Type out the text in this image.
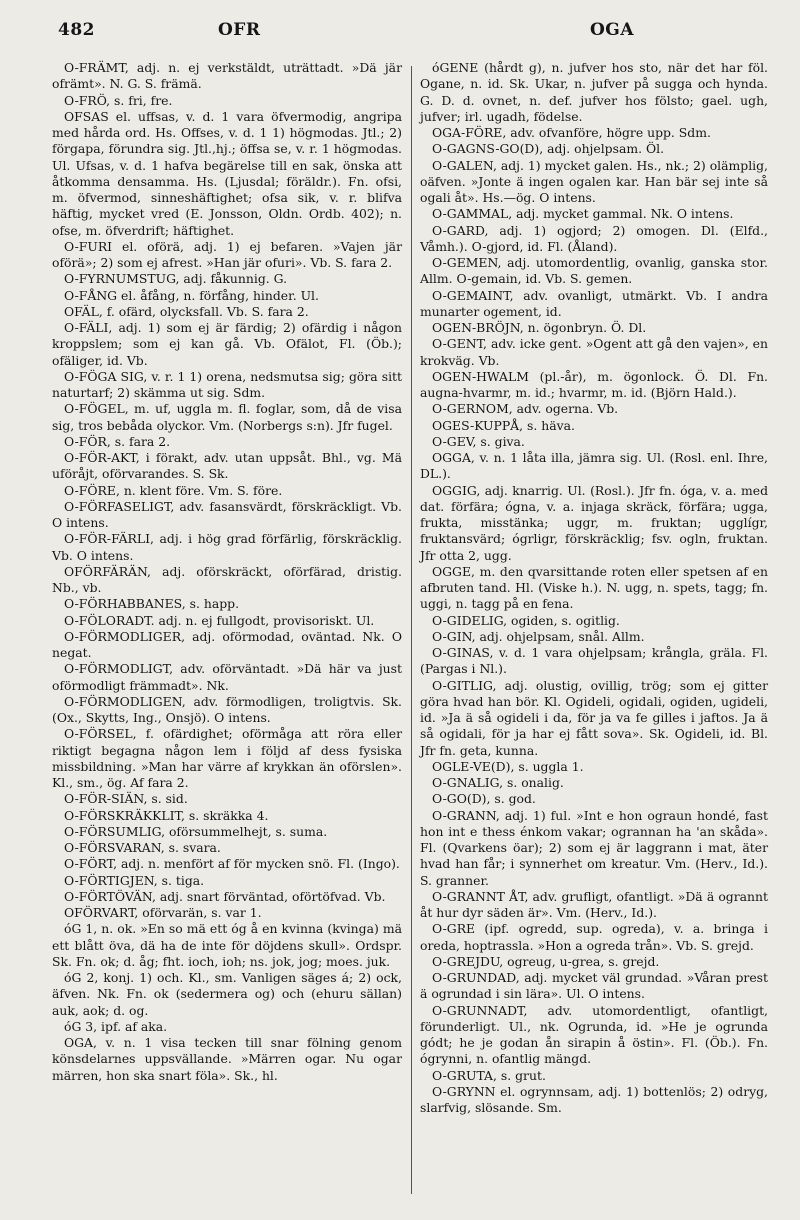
482	OFR	OGA

O-FRÄMT, adj. n. ej verkstäldt, uträttadt. »Dä jär ofrämt». N. G. S. främä.

O-FRÖ, s. fri, fre.

OFSAS el. uffsas, v. d. 1 vara öfvermodig, angripa med hårda ord. Hs. Offses, v. d. 1 1) högmodas. Jtl.; 2) förgapa, förundra sig. Jtl.,hj.; öffsa se, v. r. 1 högmodas. Ul. Ufsas, v. d. 1 hafva begärelse till en sak, önska att åtkomma densamma. Hs. (Ljusdal; föräldr.). Fn. ofsi, m. öfvermod, sinneshäftighet; ofsa sik, v. r. blifva häftig, mycket vred (E. Jonsson, Oldn. Ordb. 402); n. ofse, m. öfverdrift; häftighet.

O-FURI el. oförä, adj. 1) ej befaren. »Vajen jär oförä»; 2) som ej afrest. »Han jär ofuri». Vb. S. fara 2.

O-FYRNUMSTUG, adj. fåkunnig. G.

O-FÅNG el. åfång, n. förfång, hinder. Ul.

OFÄL, f. ofärd, olycksfall. Vb. S. fara 2.

O-FÄLI, adj. 1) som ej är färdig; 2) ofärdig i någon kroppslem; som ej kan gå. Vb. Ofälot, Fl. (Öb.); ofäliger, id. Vb.

O-FÖGA SIG, v. r. 1 1) orena, nedsmutsa sig; göra sitt naturtarf; 2) skämma ut sig. Sdm.

O-FÖGEL, m. uf, uggla m. fl. foglar, som, då de visa sig, tros bebåda olyckor. Vm. (Norbergs s:n). Jfr fugel.

O-FÖR, s. fara 2.

O-FÖR-AKT, i förakt, adv. utan uppsåt. Bhl., vg. Mä uföråjt, oförvarandes. S. Sk.

O-FÖRE, n. klent före. Vm. S. före.

O-FÖRFASELIGT, adv. fasansvärdt, förskräckligt. Vb. O intens.

O-FÖR-FÄRLI, adj. i hög grad förfärlig, förskräcklig. Vb. O intens.

OFÖRFÄRÄN, adj. oförskräckt, oförfärad, dristig. Nb., vb.

O-FÖRHABBANES, s. happ.

O-FÖLORADT. adj. n. ej fullgodt, provisoriskt. Ul.

O-FÖRMODLIGER, adj. oförmodad, oväntad. Nk. O negat.

O-FÖRMODLIGT, adv. oförväntadt. »Dä här va just oförmodligt främmadt». Nk.

O-FÖRMODLIGEN, adv. förmodligen, troligtvis. Sk. (Ox., Skytts, Ing., Onsjö). O intens.

O-FÖRSEL, f. ofärdighet; oförmåga att röra eller riktigt begagna någon lem i följd af dess fysiska missbildning. »Man har värre af krykkan än oförslen». Kl., sm., ög. Af fara 2.

O-FÖR-SIÄN, s. sid.

O-FÖRSKRÄKKLIT, s. skräkka 4.

O-FÖRSUMLIG, oförsummelhejt, s. suma.

O-FÖRSVARAN, s. svara.

O-FÖRT, adj. n. menfört af för mycken snö. Fl. (Ingo).

O-FÖRTIGJEN, s. tiga.

O-FÖRTÖVÄN, adj. snart förväntad, oförtöfvad. Vb.

OFÖRVART, oförvarän, s. var 1.

óG 1, n. ok. »En so mä ett óg å en kvinna (kvinga) mä ett blått öva, dä ha de inte för döjdens skull». Ordspr. Sk. Fn. ok; d. åg; fht. ioch, ioh; ns. jok, jog; moes. juk.

óG 2, konj. 1) och. Kl., sm. Vanligen säges á; 2) ock, äfven. Nk. Fn. ok (sedermera og) och (ehuru sällan) auk, aok; d. og.

óG 3, ipf. af aka.

OGA, v. n. 1 visa tecken till snar fölning genom könsdelarnes uppsvällande. »Märren ogar. Nu ogar märren, hon ska snart föla». Sk., hl.

óGENE (hårdt g), n. jufver hos sto, när det har föl. Ogane, n. id. Sk. Ukar, n. jufver på sugga och hynda. G. D. d. ovnet, n. def. jufver hos fölsto; gael. ugh, jufver; irl. ugadh, födelse.

OGA-FÖRE, adv. ofvanföre, högre upp. Sdm.

O-GAGNS-GO(D), adj. ohjelpsam. Öl.

O-GALEN, adj. 1) mycket galen. Hs., nk.; 2) olämplig, oäfven. »Jonte ä ingen ogalen kar. Han bär sej inte så ogali åt». Hs.—ög. O intens.

O-GAMMAL, adj. mycket gammal. Nk. O intens.

O-GARD, adj. 1) ogjord; 2) omogen. Dl. (Elfd., Våmh.). O-gjord, id. Fl. (Åland).

O-GEMEN, adj. utomordentlig, ovanlig, ganska stor. Allm. O-gemain, id. Vb. S. gemen.

O-GEMAINT, adv. ovanligt, utmärkt. Vb. I andra munarter ogement, id.

OGEN-BRÖJN, n. ögonbryn. Ö. Dl.

O-GENT, adv. icke gent. »Ogent att gå den vajen», en krokväg. Vb.

OGEN-HWALM (pl.-år), m. ögonlock. Ö. Dl. Fn. augna-hvarmr, m. id.; hvarmr, m. id. (Björn Hald.).

O-GERNOM, adv. ogerna. Vb.

OGES-KUPPÅ, s. häva.

O-GEV, s. giva.

OGGA, v. n. 1 låta illa, jämra sig. Ul. (Rosl. enl. Ihre, DL.).

OGGIG, adj. knarrig. Ul. (Rosl.). Jfr fn. óga, v. a. med dat. förfära; ógna, v. a. injaga skräck, förfära; ugga, frukta, misstänka; uggr, m. fruktan; ugglígr, fruktansvärd; ógrligr, förskräcklig; fsv. ogln, fruktan. Jfr otta 2, ugg.

OGGE, m. den qvarsittande roten eller spetsen af en afbruten tand. Hl. (Viske h.). N. ugg, n. spets, tagg; fn. uggi, n. tagg på en fena.

O-GIDELIG, ogiden, s. ogitlig.

O-GIN, adj. ohjelpsam, snål. Allm.

O-GINAS, v. d. 1 vara ohjelpsam; krångla, gräla. Fl. (Pargas i Nl.).

O-GITLIG, adj. olustig, ovillig, trög; som ej gitter göra hvad han bör. Kl. Ogideli, ogidali, ogiden, ugideli, id. »Ja ä så ogideli i da, för ja va fe gilles i jaftos. Ja ä så ogidali, för ja har ej fått sova». Sk. Ogideli, id. Bl. Jfr fn. geta, kunna.

OGLE-VE(D), s. uggla 1.

O-GNALIG, s. onalig.

O-GO(D), s. god.

O-GRANN, adj. 1) ful. »Int e hon ograun hondé, fast hon int e thess énkom vakar; ogrannan ha 'an skåda». Fl. (Qvarkens öar); 2) som ej är laggrann i mat, äter hvad han får; i synnerhet om kreatur. Vm. (Herv., Id.). S. granner.

O-GRANNT ÅT, adv. grufligt, ofantligt. »Dä ä ogrannt åt hur dyr säden är». Vm. (Herv., Id.).

O-GRE (ipf. ogredd, sup. ogreda), v. a. bringa i oreda, hoptrassla. »Hon a ogreda trån». Vb. S. grejd.

O-GREJDU, ogreug, u-grea, s. grejd.

O-GRUNDAD, adj. mycket väl grundad. »Våran prest ä ogrundad i sin lära». Ul. O intens.

O-GRUNNADT, adv. utomordentligt, ofantligt, förunderligt. Ul., nk. Ogrunda, id. »He je ogrunda gódt; he je godan ån sirapin å östin». Fl. (Öb.). Fn. ógrynni, n. ofantlig mängd.

O-GRUTA, s. grut.

O-GRYNN el. ogrynnsam, adj. 1) bottenlös; 2) odryg, slarfvig, slösande. Sm.
